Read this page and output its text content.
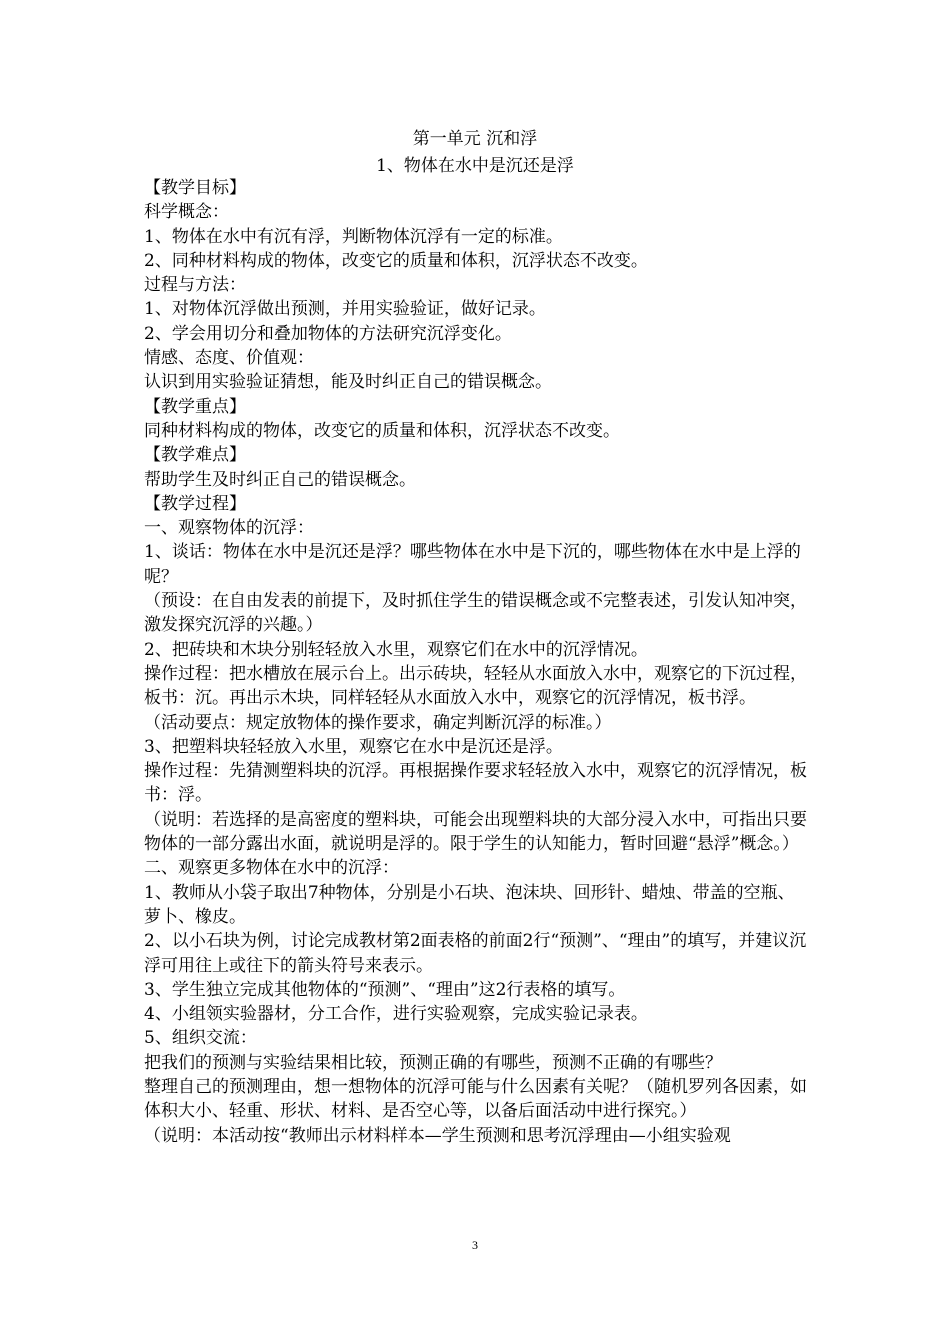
第一单元 沉和浮
1、物体在水中是沉还是浮

【教学目标】

科学概念：

1、物体在水中有沉有浮，判断物体沉浮有一定的标准。

2、同种材料构成的物体，改变它的质量和体积，沉浮状态不改变。

过程与方法：

1、对物体沉浮做出预测，并用实验验证，做好记录。

2、学会用切分和叠加物体的方法研究沉浮变化。

情感、态度、价值观：

认识到用实验验证猜想，能及时纠正自己的错误概念。

【教学重点】

同种材料构成的物体，改变它的质量和体积，沉浮状态不改变。

【教学难点】

帮助学生及时纠正自己的错误概念。

【教学过程】

一、观察物体的沉浮：

1、谈话：物体在水中是沉还是浮？哪些物体在水中是下沉的，哪些物体在水中是上浮的呢？

（预设：在自由发表的前提下，及时抓住学生的错误概念或不完整表述，引发认知冲突，激发探究沉浮的兴趣。）

2、把砖块和木块分别轻轻放入水里，观察它们在水中的沉浮情况。

操作过程：把水槽放在展示台上。出示砖块，轻轻从水面放入水中，观察它的下沉过程，板书：沉。再出示木块，同样轻轻从水面放入水中，观察它的沉浮情况，板书浮。

（活动要点：规定放物体的操作要求，确定判断沉浮的标准。）

3、把塑料块轻轻放入水里，观察它在水中是沉还是浮。

操作过程：先猜测塑料块的沉浮。再根据操作要求轻轻放入水中，观察它的沉浮情况，板书：浮。

（说明：若选择的是高密度的塑料块，可能会出现塑料块的大部分浸入水中，可指出只要物体的一部分露出水面，就说明是浮的。限于学生的认知能力，暂时回避“悬浮”概念。）

二、观察更多物体在水中的沉浮：

1、教师从小袋子取出7种物体，分别是小石块、泡沫块、回形针、蜡烛、带盖的空瓶、萝卜、橡皮。

2、以小石块为例，讨论完成教材第2面表格的前面2行“预测”、“理由”的填写，并建议沉浮可用往上或往下的箭头符号来表示。

3、学生独立完成其他物体的“预测”、“理由”这2行表格的填写。

4、小组领实验器材，分工合作，进行实验观察，完成实验记录表。

5、组织交流：

把我们的预测与实验结果相比较，预测正确的有哪些，预测不正确的有哪些？

整理自己的预测理由，想一想物体的沉浮可能与什么因素有关呢？（随机罗列各因素，如体积大小、轻重、形状、材料、是否空心等，以备后面活动中进行探究。）

（说明：本活动按“教师出示材料样本—学生预测和思考沉浮理由—小组实验观

3
